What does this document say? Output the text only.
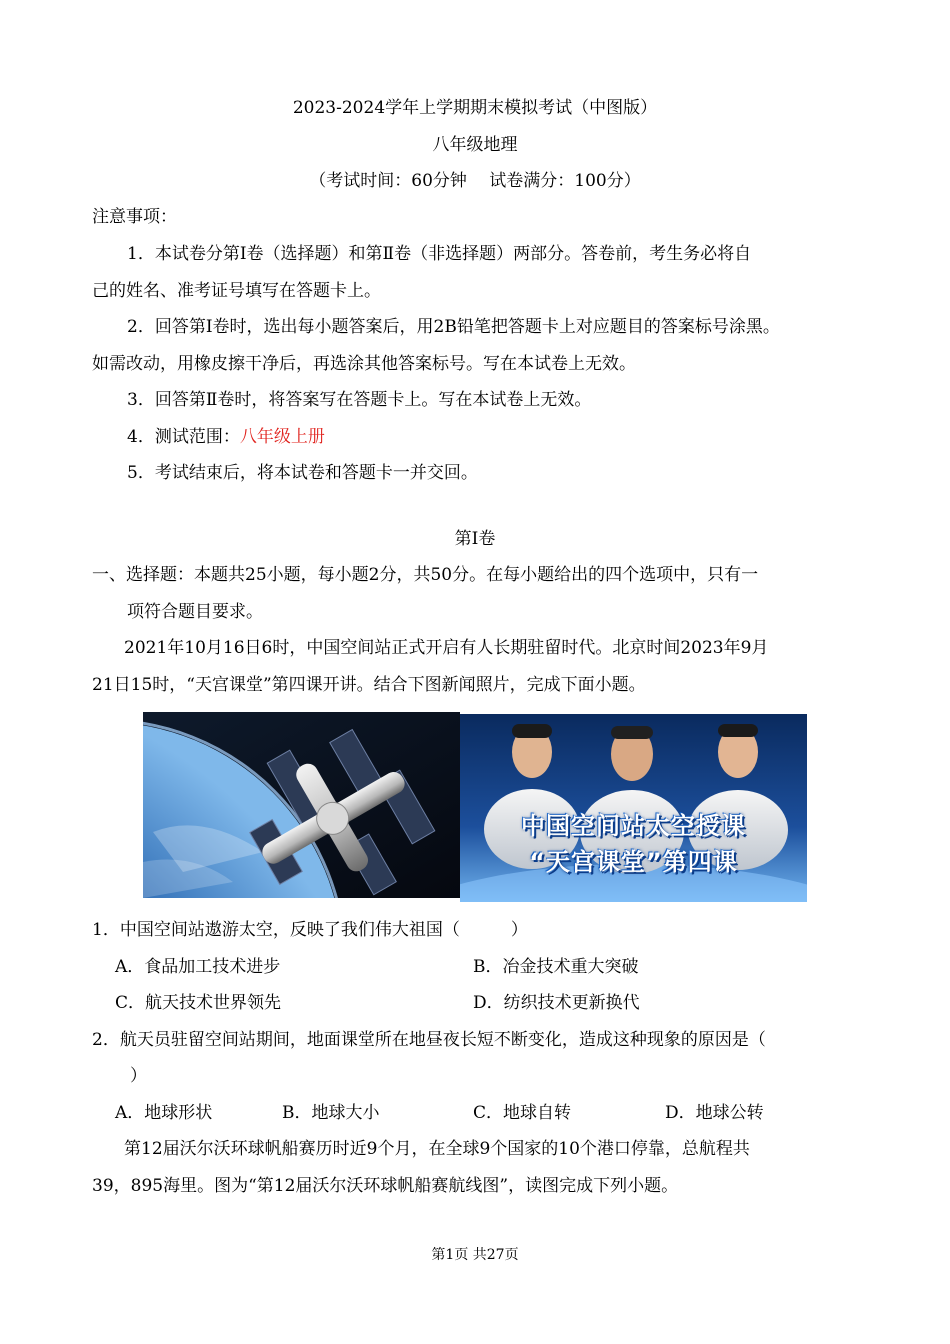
2023-2024学年上学期期末模拟考试（中图版）
八年级地理
（考试时间：60分钟　 试卷满分：100分）
注意事项：
1．本试卷分第Ⅰ卷（选择题）和第Ⅱ卷（非选择题）两部分。答卷前，考生务必将自
己的姓名、准考证号填写在答题卡上。
2．回答第Ⅰ卷时，选出每小题答案后，用2B铅笔把答题卡上对应题目的答案标号涂黑。
如需改动，用橡皮擦干净后，再选涂其他答案标号。写在本试卷上无效。
3．回答第Ⅱ卷时，将答案写在答题卡上。写在本试卷上无效。
4．测试范围：八年级上册
5．考试结束后，将本试卷和答题卡一并交回。
第Ⅰ卷
一、选择题：本题共25小题，每小题2分，共50分。在每小题给出的四个选项中，只有一
项符合题目要求。
2021年10月16日6时，中国空间站正式开启有人长期驻留时代。北京时间2023年9月
21日15时，“天宫课堂”第四课开讲。结合下图新闻照片，完成下面小题。
中国空间站太空授课
“天宫课堂”第四课
1．中国空间站遨游太空，反映了我们伟大祖国（　　　）
A．食品加工技术进步	B．冶金技术重大突破
C．航天技术世界领先	D．纺织技术更新换代
2．航天员驻留空间站期间，地面课堂所在地昼夜长短不断变化，造成这种现象的原因是（
）
A．地球形状	B．地球大小	C．地球自转	D．地球公转
第12届沃尔沃环球帆船赛历时近9个月，在全球9个国家的10个港口停靠，总航程共
39，895海里。图为“第12届沃尔沃环球帆船赛航线图”，读图完成下列小题。
第1页 共27页
